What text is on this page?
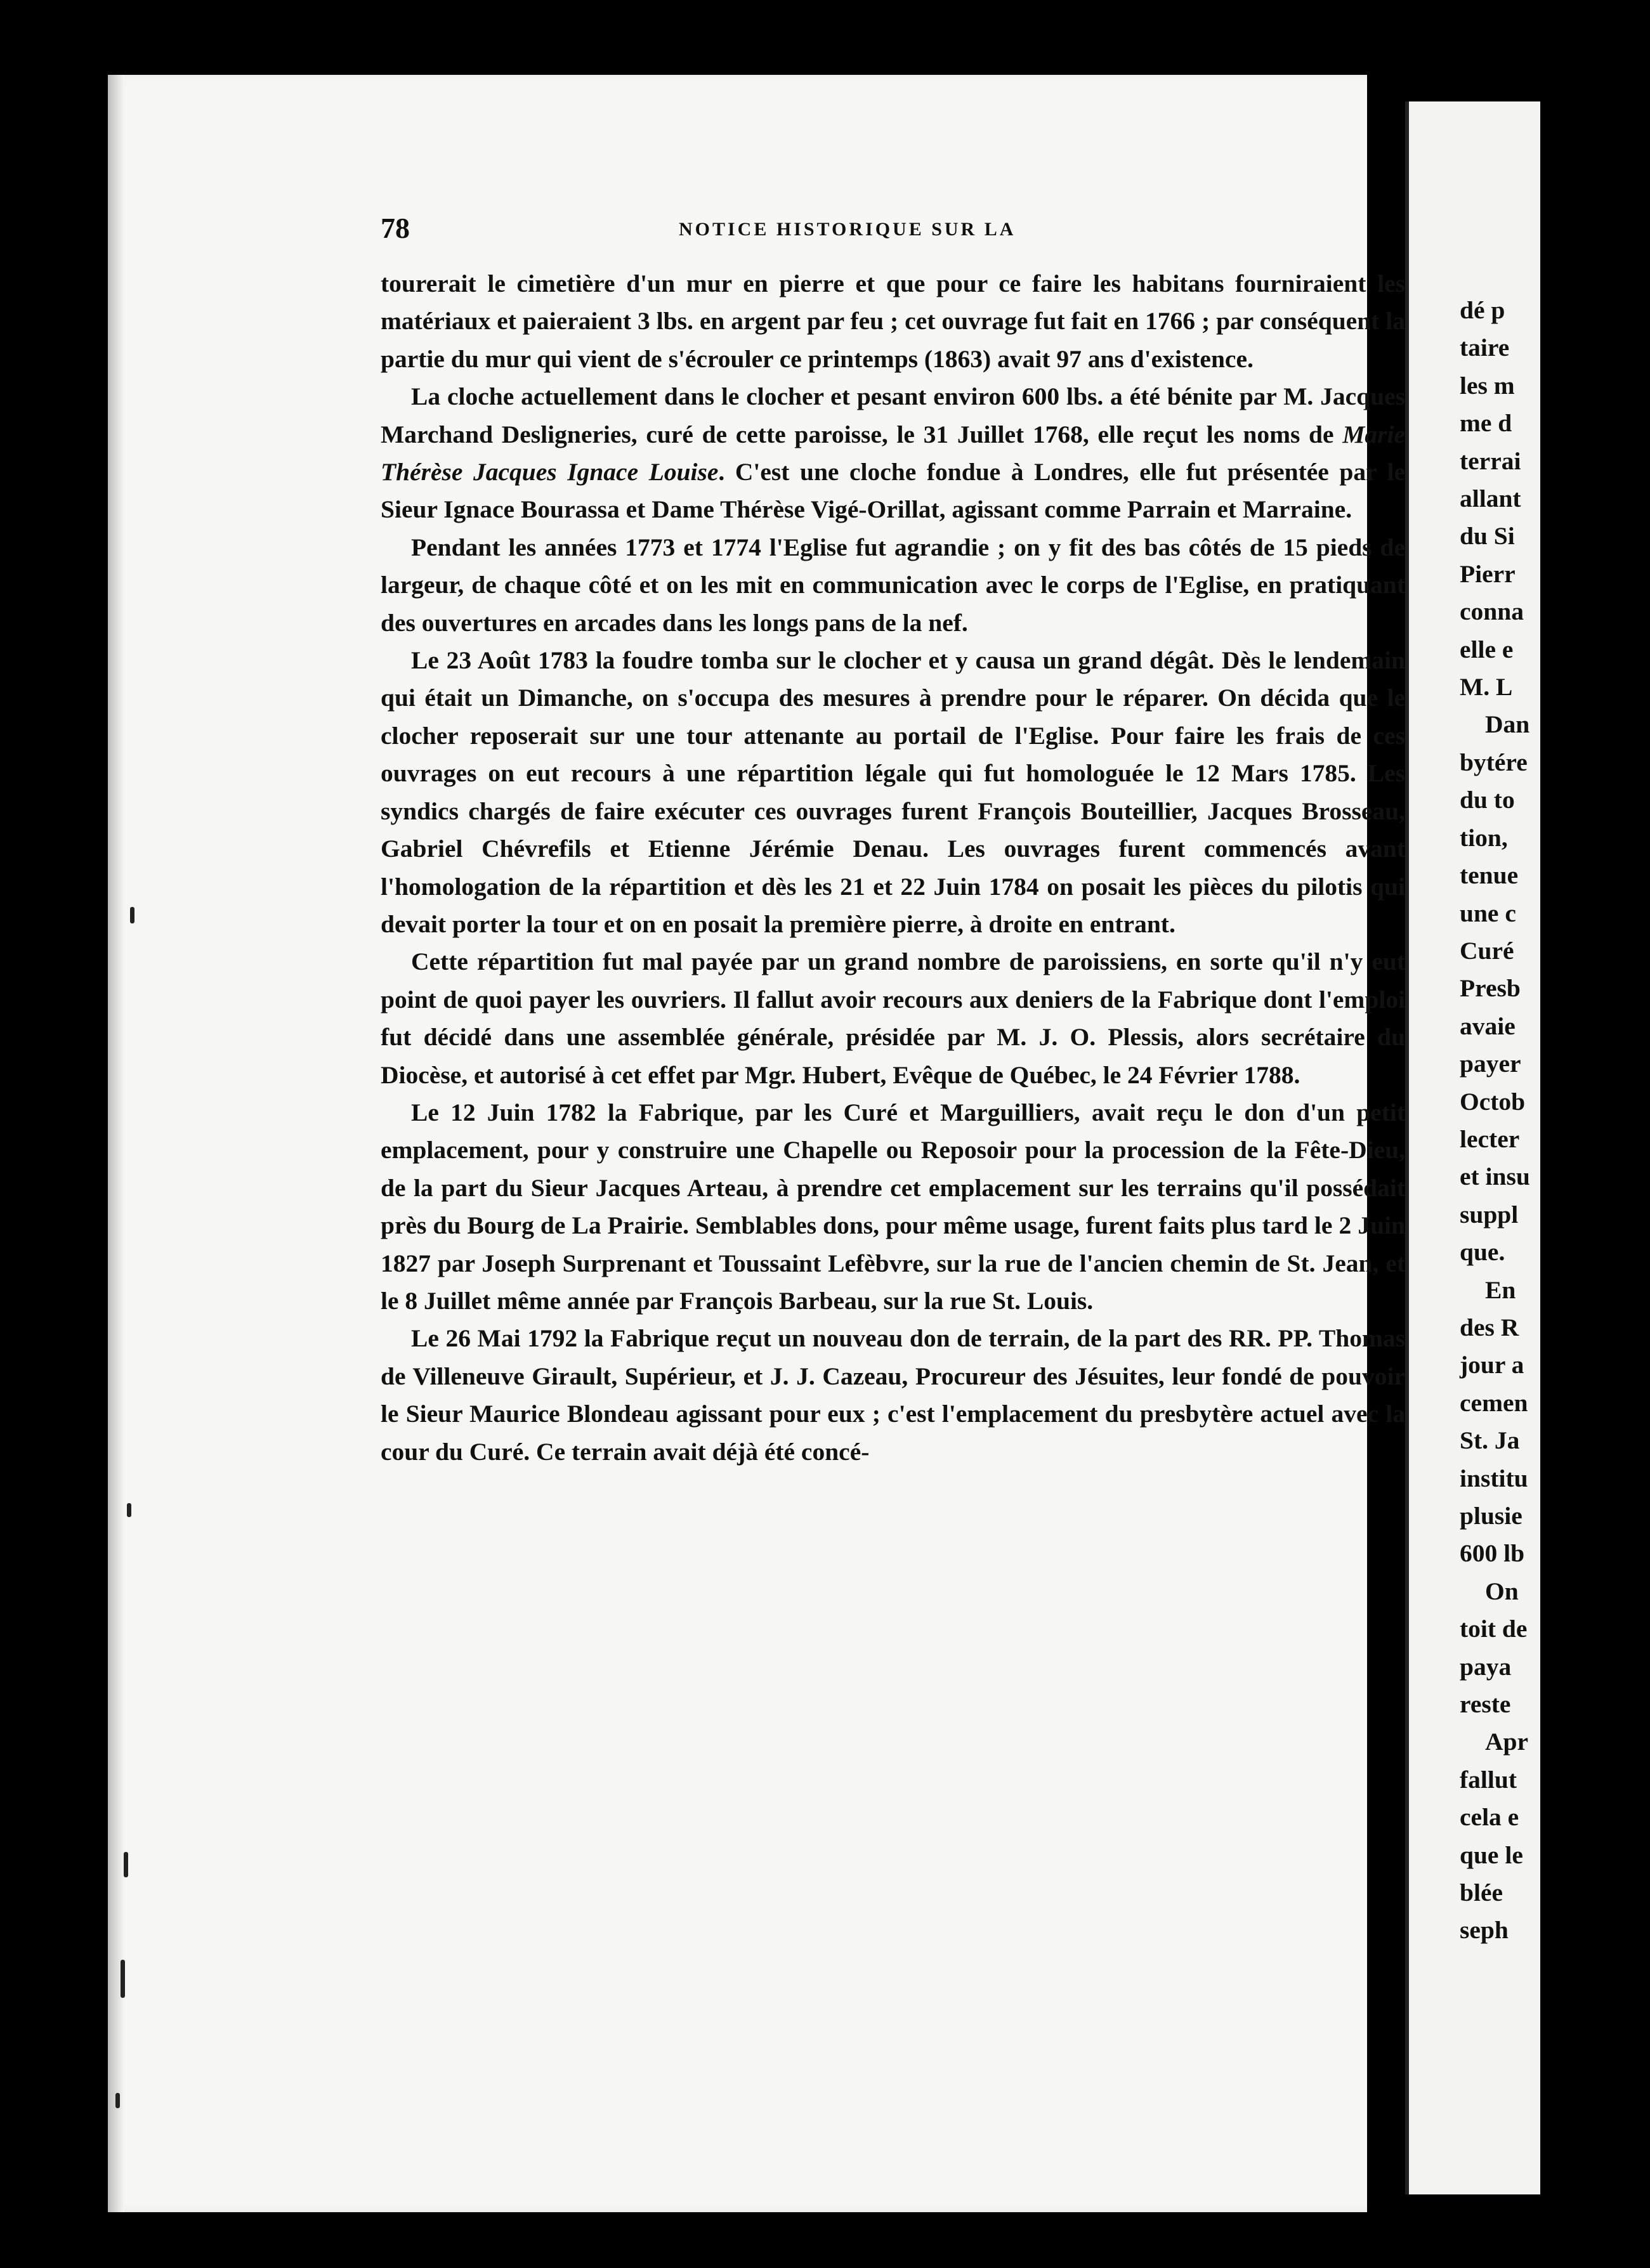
78	NOTICE HISTORIQUE SUR LA

tourerait le cimetière d'un mur en pierre et que pour ce faire les habitans fourniraient les matériaux et paieraient 3 lbs. en argent par feu ; cet ouvrage fut fait en 1766 ; par conséquent la partie du mur qui vient de s'écrouler ce printemps (1863) avait 97 ans d'existence.

La cloche actuellement dans le clocher et pesant environ 600 lbs. a été bénite par M. Jacques Marchand Desligneries, curé de cette paroisse, le 31 Juillet 1768, elle reçut les noms de Marie Thérèse Jacques Ignace Louise. C'est une cloche fondue à Londres, elle fut présentée par le Sieur Ignace Bourassa et Dame Thérèse Vigé-Orillat, agissant comme Parrain et Marraine.

Pendant les années 1773 et 1774 l'Eglise fut agrandie ; on y fit des bas côtés de 15 pieds de largeur, de chaque côté et on les mit en communication avec le corps de l'Eglise, en pratiquant des ouvertures en arcades dans les longs pans de la nef.

Le 23 Août 1783 la foudre tomba sur le clocher et y causa un grand dégât. Dès le lendemain qui était un Dimanche, on s'occupa des mesures à prendre pour le réparer. On décida que le clocher reposerait sur une tour attenante au portail de l'Eglise. Pour faire les frais de ces ouvrages on eut recours à une répartition légale qui fut homologuée le 12 Mars 1785. Les syndics chargés de faire exécuter ces ouvrages furent François Bouteillier, Jacques Brosseau, Gabriel Chévrefils et Etienne Jérémie Denau. Les ouvrages furent commencés avant l'homologation de la répartition et dès les 21 et 22 Juin 1784 on posait les pièces du pilotis qui devait porter la tour et on en posait la première pierre, à droite en entrant.

Cette répartition fut mal payée par un grand nombre de paroissiens, en sorte qu'il n'y eut point de quoi payer les ouvriers. Il fallut avoir recours aux deniers de la Fabrique dont l'emploi fut décidé dans une assemblée générale, présidée par M. J. O. Plessis, alors secrétaire du Diocèse, et autorisé à cet effet par Mgr. Hubert, Evêque de Québec, le 24 Février 1788.

Le 12 Juin 1782 la Fabrique, par les Curé et Marguilliers, avait reçu le don d'un petit emplacement, pour y construire une Chapelle ou Reposoir pour la procession de la Fête-Dieu, de la part du Sieur Jacques Arteau, à prendre cet emplacement sur les terrains qu'il possédait près du Bourg de La Prairie. Semblables dons, pour même usage, furent faits plus tard le 2 Juin 1827 par Joseph Surprenant et Toussaint Lefèbvre, sur la rue de l'ancien chemin de St. Jean, et le 8 Juillet même année par François Barbeau, sur la rue St. Louis.

Le 26 Mai 1792 la Fabrique reçut un nouveau don de terrain, de la part des RR. PP. Thomas de Villeneuve Girault, Supérieur, et J. J. Cazeau, Procureur des Jésuites, leur fondé de pouvoir le Sieur Maurice Blondeau agissant pour eux ; c'est l'emplacement du presbytère actuel avec la cour du Curé. Ce terrain avait déjà été concé-

dé p
taire
les m
me d
terrai
allant
du Si
Pierr
conna
elle e
M. L
Dan
bytére
du to
tion,
tenue
une c
Curé
Presb
avaie
payer
Octob
lecter
et insu
suppl
que.
En
des R
jour a
cemen
St. Ja
institu
plusie
600 lb
On
toit de
paya
reste
Apr
fallut
cela e
que le
blée
seph
